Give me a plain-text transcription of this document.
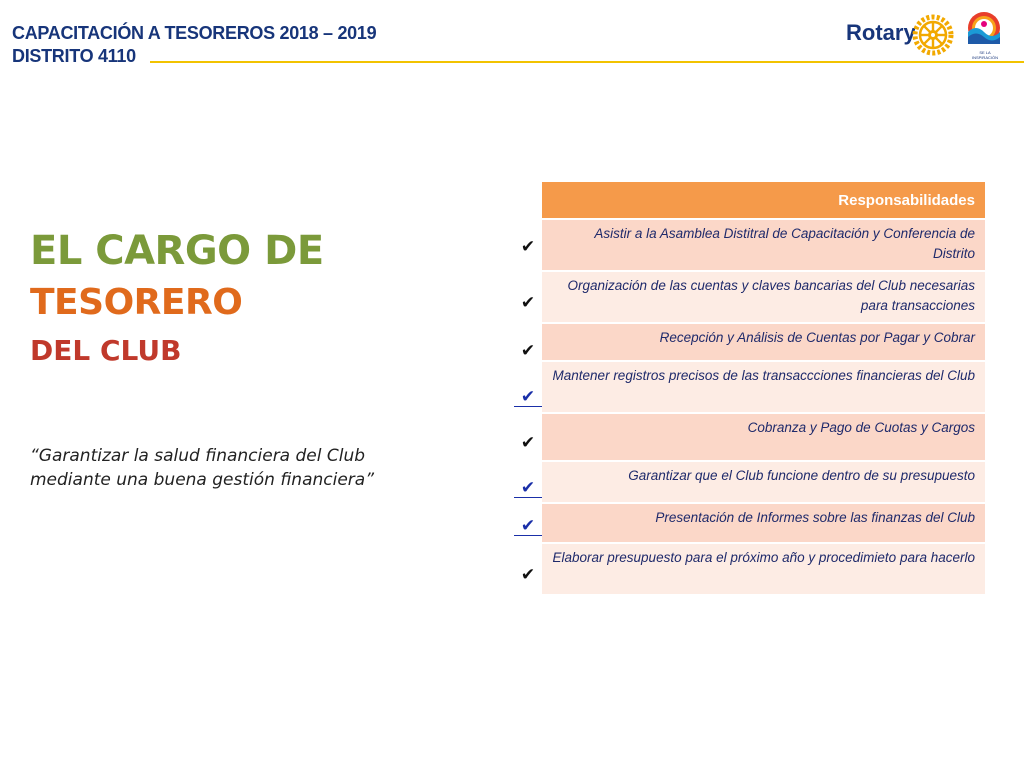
CAPACITACIÓN A TESOREROS 2018 – 2019
DISTRITO 4110
Rotary
SE LA INSPIRACIÓN
EL CARGO DE
TESORERO
DEL CLUB
“Garantizar la salud financiera del Club mediante una buena gestión financiera”
✔
✔
✔
✔
✔
✔
✔
✔
Responsabilidades
Asistir a la Asamblea Distitral de Capacitación y Conferencia de Distrito
Organización de las cuentas y claves bancarias del Club necesarias para transacciones
Recepción y Análisis de Cuentas por Pagar y Cobrar
Mantener registros precisos de las transaccciones financieras del Club
Cobranza y Pago de Cuotas y Cargos
Garantizar que el Club funcione dentro de su presupuesto
Presentación de Informes sobre las finanzas del Club
Elaborar presupuesto para el próximo año y procedimieto para hacerlo
